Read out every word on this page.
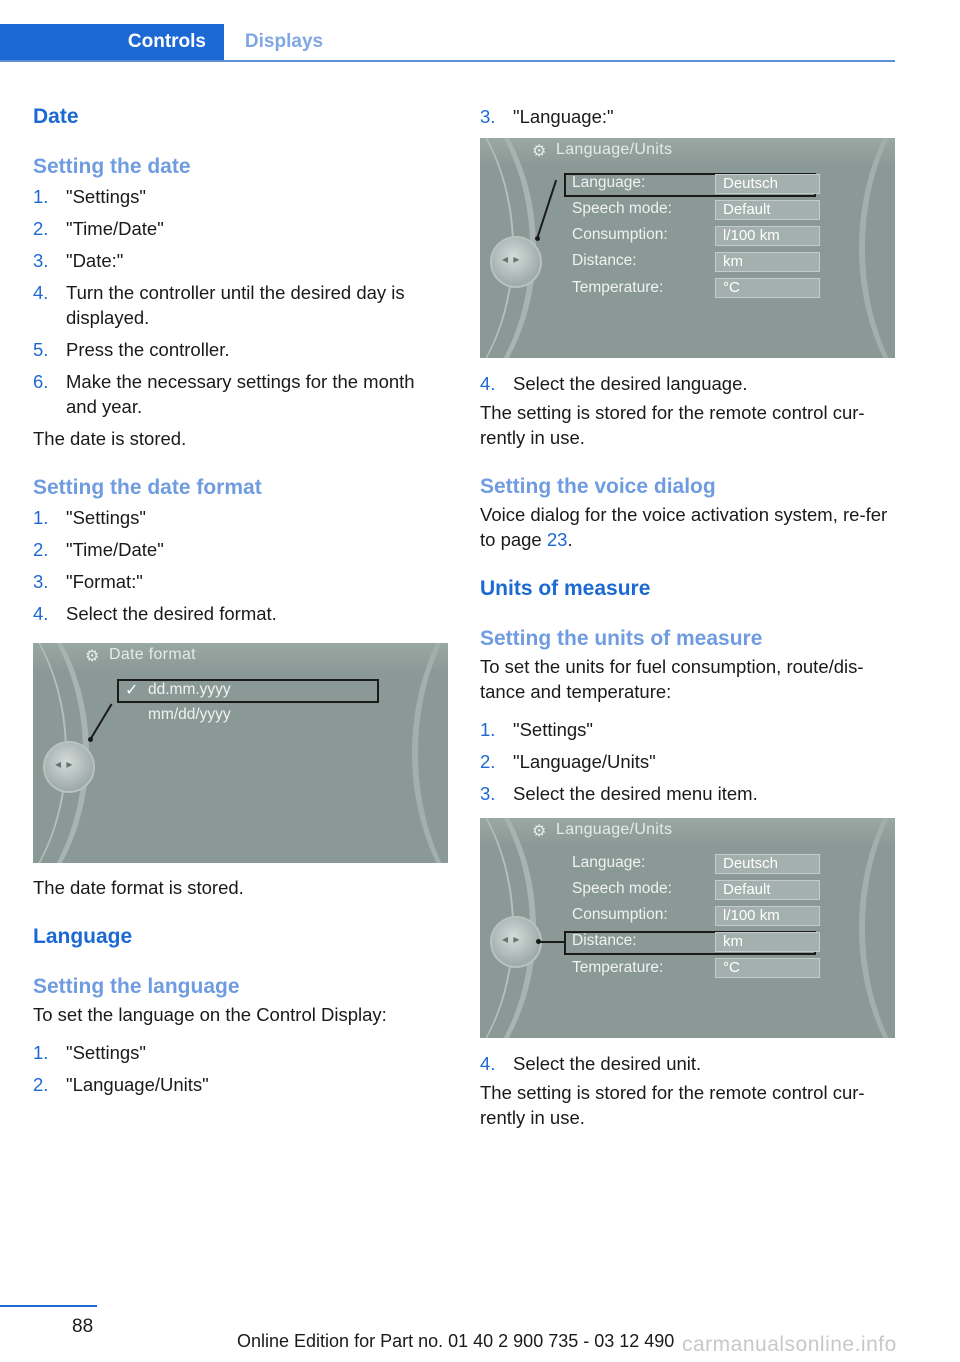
Controls	Displays
Date
Setting the date
1. "Settings"
2. "Time/Date"
3. "Date:"
4. Turn the controller until the desired day is displayed.
5. Press the controller.
6. Make the necessary settings for the month and year.

The date is stored.

Setting the date format
1. "Settings"
2. "Time/Date"
3. "Format:"
4. Select the desired format.
⚙ Date format
◂ ▸
✓ dd.mm.yyyy
mm/dd/yyyy

The date format is stored.

Language
Setting the language

To set the language on the Control Display:

1. "Settings"
2. "Language/Units"
3. "Language:"
⚙ Language/Units
◂ ▸
Language:	Deutsch
Speech mode:	Default
Consumption:	l/100 km
Distance:	km
Temperature:	°C
4. Select the desired language.

The setting is stored for the remote control cur-rently in use.

Setting the voice dialog

Voice dialog for the voice activation system, re-fer to page 23.

Units of measure
Setting the units of measure

To set the units for fuel consumption, route/dis-tance and temperature:

1. "Settings"
2. "Language/Units"
3. Select the desired menu item.
⚙ Language/Units
◂ ▸
Language:	Deutsch
Speech mode:	Default
Consumption:	l/100 km
Distance:	km
Temperature:	°C
4. Select the desired unit.

The setting is stored for the remote control cur-rently in use.

88
Online Edition for Part no. 01 40 2 900 735 - 03 12 490 carmanualsonline.info
